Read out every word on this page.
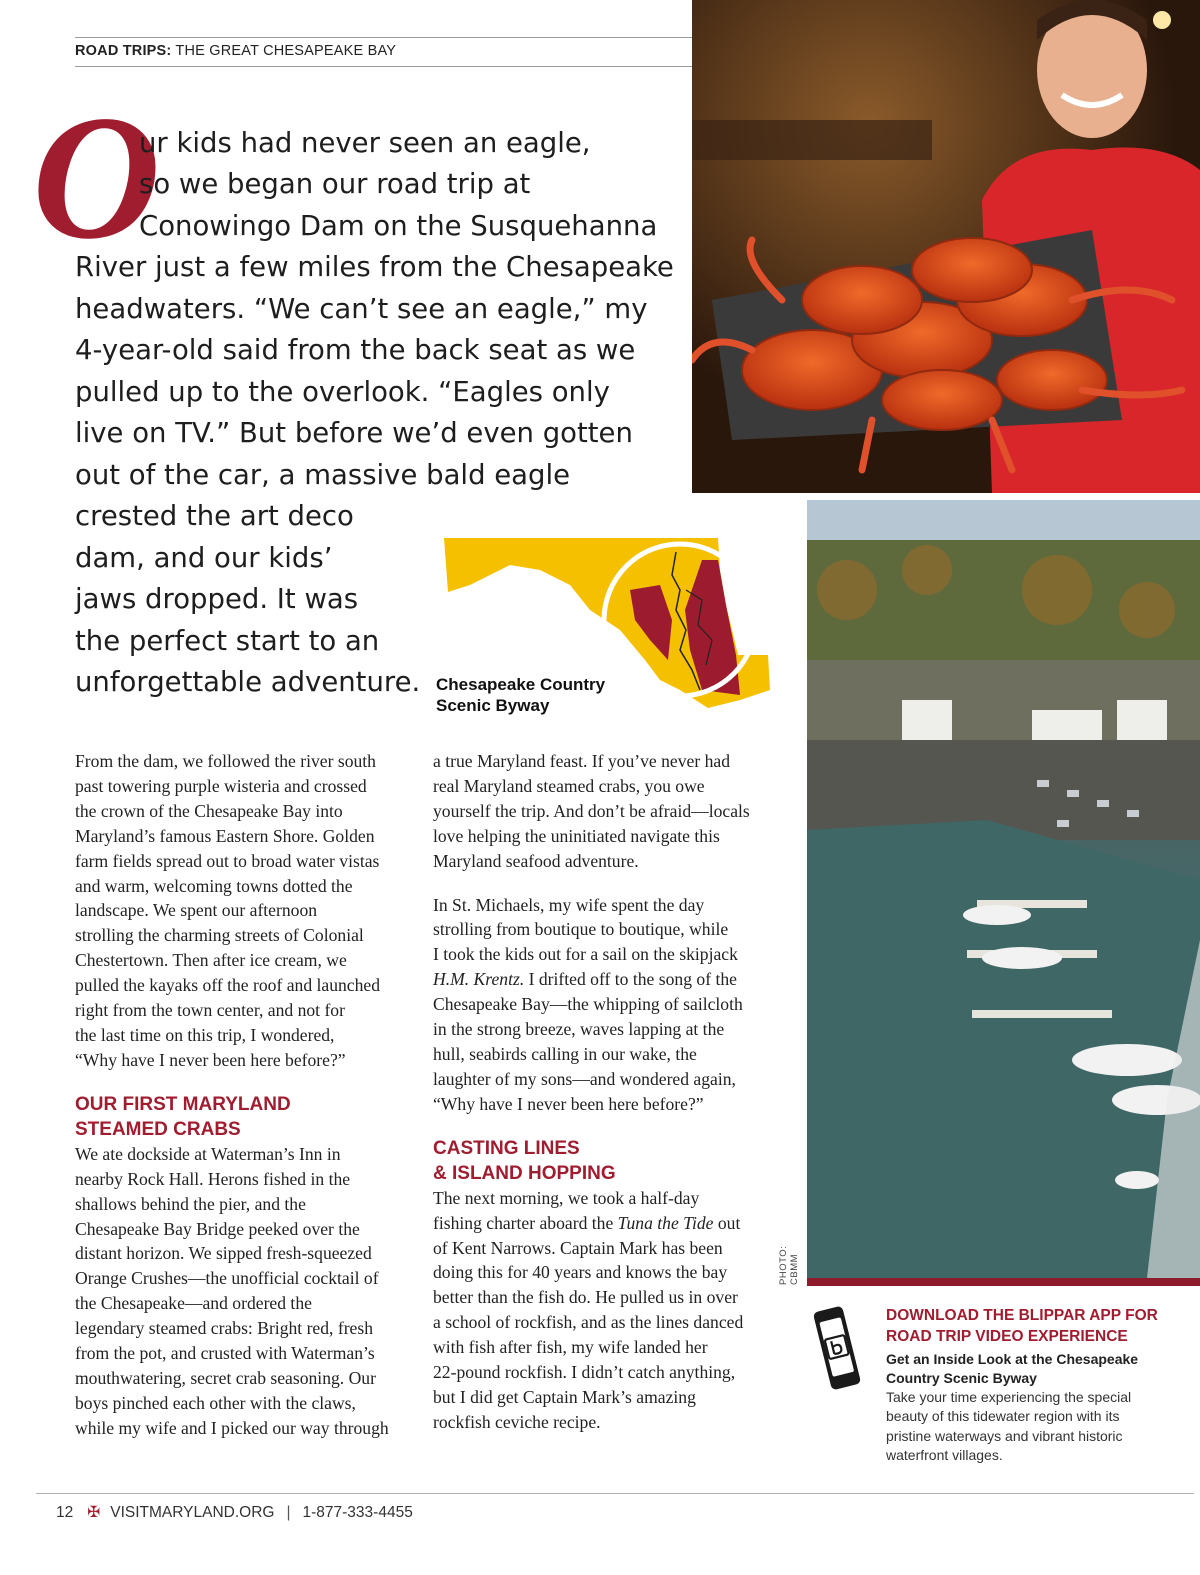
ROAD TRIPS: THE GREAT CHESAPEAKE BAY
O
ur kids had never seen an eagle,
so we began our road trip at
Conowingo Dam on the Susquehanna
River just a few miles from the Chesapeake
headwaters. “We can’t see an eagle,” my
4-year-old said from the back seat as we
pulled up to the overlook. “Eagles only
live on TV.” But before we’d even gotten
out of the car, a massive bald eagle
crested the art deco
dam, and our kids’
jaws dropped. It was
the perfect start to an
unforgettable adventure. Chesapeake Country
Scenic Byway

From the dam, we followed the river south

past towering purple wisteria and crossed

the crown of the Chesapeake Bay into

Maryland’s famous Eastern Shore. Golden

farm fields spread out to broad water vistas

and warm, welcoming towns dotted the

landscape. We spent our afternoon

strolling the charming streets of Colonial

Chestertown. Then after ice cream, we

pulled the kayaks off the roof and launched

right from the town center, and not for

the last time on this trip, I wondered,

“Why have I never been here before?”

OUR FIRST MARYLAND
STEAMED CRABS

We ate dockside at Waterman’s Inn in

nearby Rock Hall. Herons fished in the

shallows behind the pier, and the

Chesapeake Bay Bridge peeked over the

distant horizon. We sipped fresh-squeezed

Orange Crushes—the unofficial cocktail of

the Chesapeake—and ordered the

legendary steamed crabs: Bright red, fresh

from the pot, and crusted with Waterman’s

mouthwatering, secret crab seasoning. Our

boys pinched each other with the claws,

while my wife and I picked our way through

a true Maryland feast. If you’ve never had

real Maryland steamed crabs, you owe

yourself the trip. And don’t be afraid—locals

love helping the uninitiated navigate this

Maryland seafood adventure.

In St. Michaels, my wife spent the day

strolling from boutique to boutique, while

I took the kids out for a sail on the skipjack

H.M. Krentz. I drifted off to the song of the

Chesapeake Bay—the whipping of sailcloth

in the strong breeze, waves lapping at the

hull, seabirds calling in our wake, the

laughter of my sons—and wondered again,

“Why have I never been here before?”

CASTING LINES
& ISLAND HOPPING

The next morning, we took a half-day

fishing charter aboard the Tuna the Tide out

of Kent Narrows. Captain Mark has been

doing this for 40 years and knows the bay

better than the fish do. He pulled us in over

a school of rockfish, and as the lines danced

with fish after fish, my wife landed her

22-pound rockfish. I didn’t catch anything,

but I did get Captain Mark’s amazing

rockfish ceviche recipe.

PHOTO: CBMM
DOWNLOAD THE BLIPPAR APP FOR
ROAD TRIP VIDEO EXPERIENCE
Get an Inside Look at the Chesapeake
Country Scenic Byway
Take your time experiencing the special
beauty of this tidewater region with its
pristine waterways and vibrant historic
waterfront villages.
12 ✠ VISITMARYLAND.ORG | 1-877-333-4455
